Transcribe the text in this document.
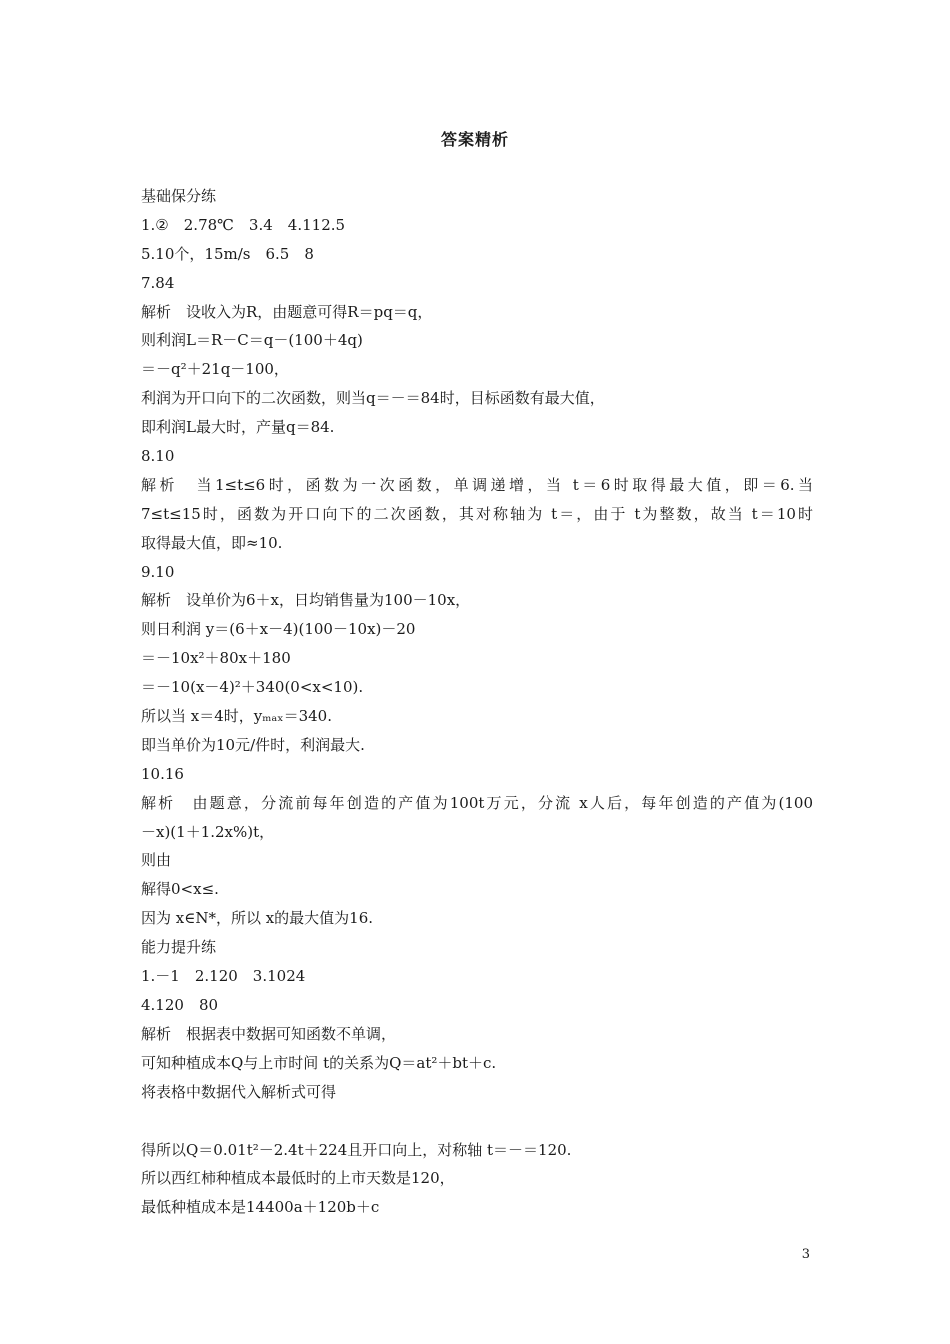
答案精析
基础保分练
1.②　2.78℃　3.4　4.112.5
5.10个，15m/s　6.5　8
7.84
解析　设收入为R，由题意可得R＝pq＝q，
则利润L＝R－C＝q－(100＋4q)
＝－q²＋21q－100，
利润为开口向下的二次函数，则当q＝－＝84时，目标函数有最大值，
即利润L最大时，产量q＝84.
8.10
解析　当1≤t≤6时，函数为一次函数，单调递增，当 t＝6时取得最大值，即＝6.当
7≤t≤15时，函数为开口向下的二次函数，其对称轴为 t＝，由于 t为整数，故当 t＝10时
取得最大值，即≈10.
9.10
解析　设单价为6＋x，日均销售量为100－10x，
则日利润 y＝(6＋x－4)(100－10x)－20
＝－10x²＋80x＋180
＝－10(x－4)²＋340(0<x<10).
所以当 x＝4时，yₘₐₓ＝340.
即当单价为10元/件时，利润最大.
10.16
解析　由题意，分流前每年创造的产值为100t万元，分流 x人后，每年创造的产值为(100
－x)(1＋1.2x%)t，
则由
解得0<x≤.
因为 x∈N*，所以 x的最大值为16.
能力提升练
1.－1　2.120　3.1024
4.120　80
解析　根据表中数据可知函数不单调，
可知种植成本Q与上市时间 t的关系为Q＝at²＋bt＋c.
将表格中数据代入解析式可得
得所以Q＝0.01t²－2.4t＋224且开口向上，对称轴 t＝－＝120.
所以西红柿种植成本最低时的上市天数是120，
最低种植成本是14400a＋120b＋c
3
